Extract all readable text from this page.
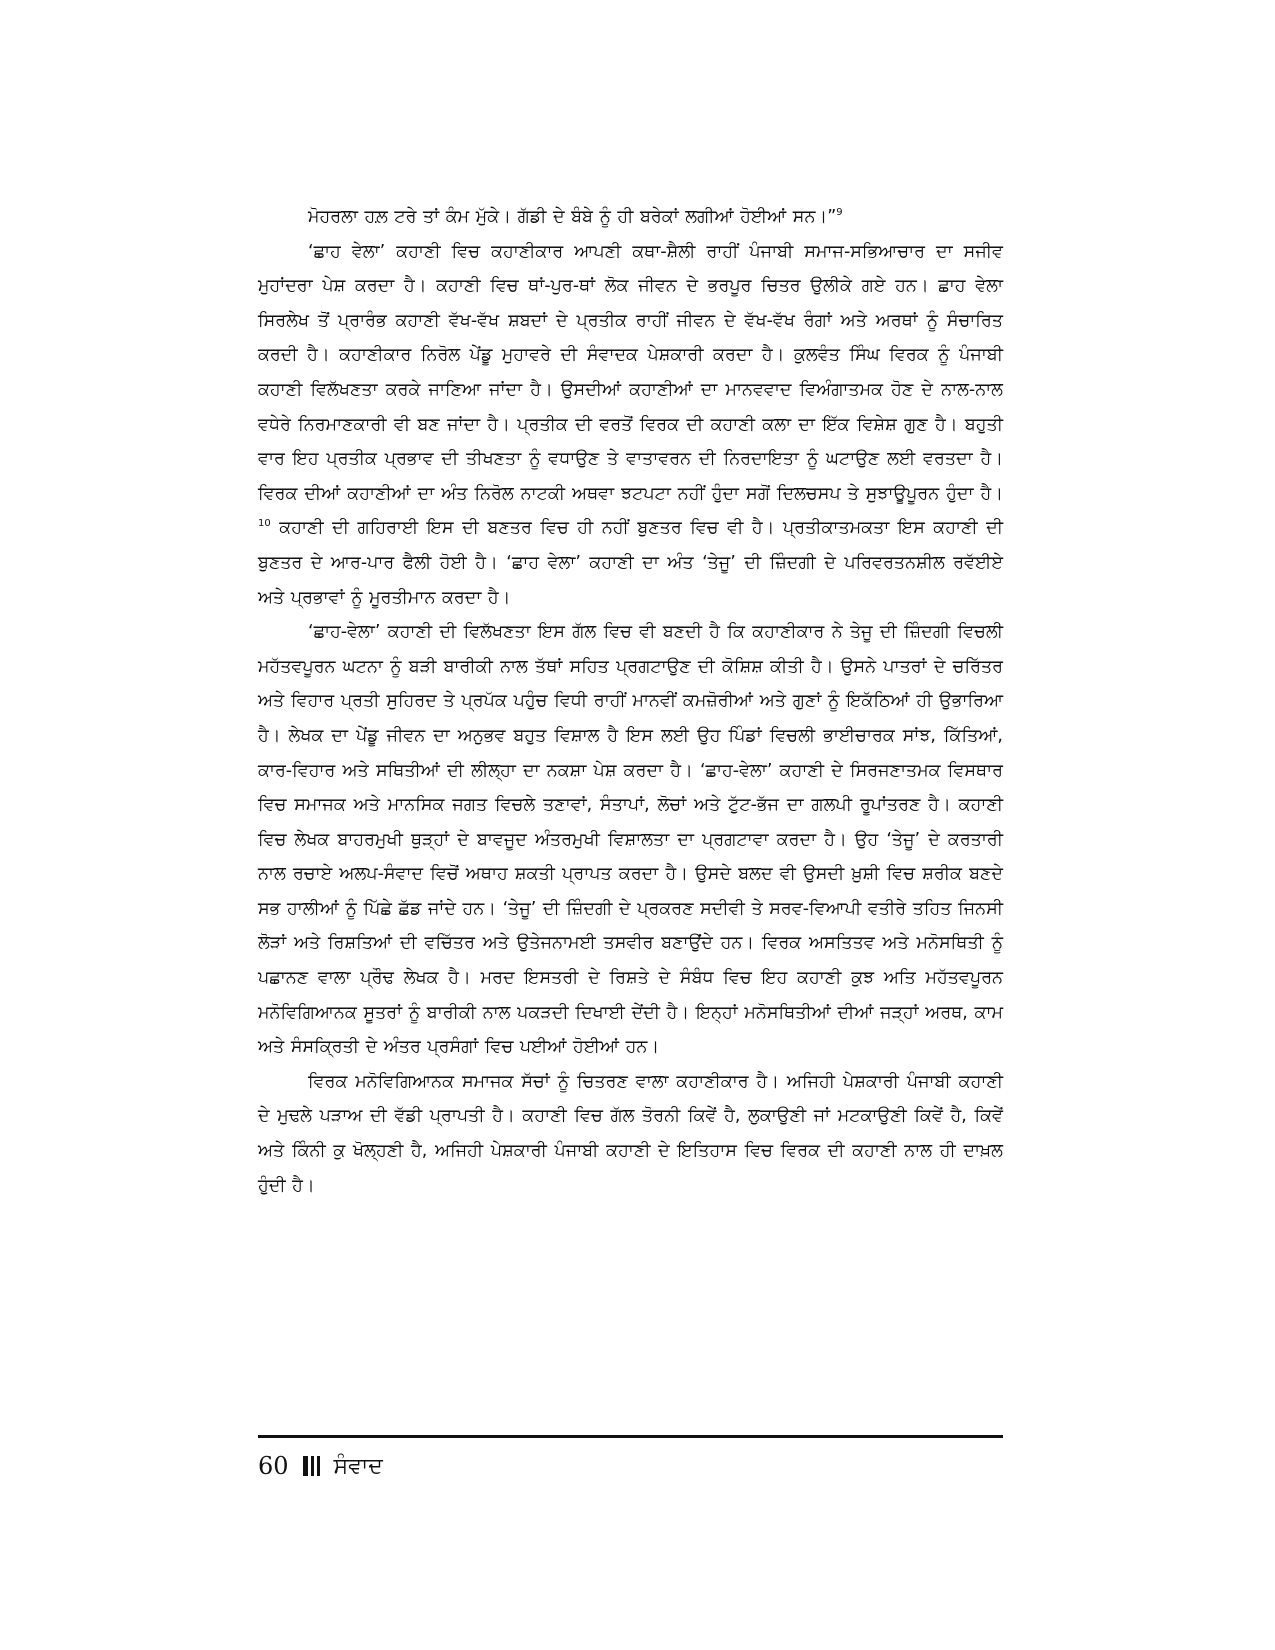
ਮੋਹਰਲਾ ਹਲ਼ ਟਰੇ ਤਾਂ ਕੰਮ ਮੁੱਕੇ। ਗੱਡੀ ਦੇ ਬੰਬੇ ਨੂੰ ਹੀ ਬਰੇਕਾਂ ਲਗੀਆਂ ਹੋਈਆਂ ਸਨ।”$^9$

‘ਛਾਹ ਵੇਲਾ’ ਕਹਾਣੀ ਵਿਚ ਕਹਾਣੀਕਾਰ ਆਪਣੀ ਕਥਾ-ਸ਼ੈਲੀ ਰਾਹੀਂ ਪੰਜਾਬੀ ਸਮਾਜ-ਸਭਿਆਚਾਰ ਦਾ ਸਜੀਵ ਮੁਹਾਂਦਰਾ ਪੇਸ਼ ਕਰਦਾ ਹੈ। ਕਹਾਣੀ ਵਿਚ ਥਾਂ-ਪੁਰ-ਥਾਂ ਲੋਕ ਜੀਵਨ ਦੇ ਭਰਪੂਰ ਚਿਤਰ ਉਲੀਕੇ ਗਏ ਹਨ। ਛਾਹ ਵੇਲਾ ਸਿਰਲੇਖ ਤੋਂ ਪ੍ਰਾਰੰਭ ਕਹਾਣੀ ਵੱਖ-ਵੱਖ ਸ਼ਬਦਾਂ ਦੇ ਪ੍ਰਤੀਕ ਰਾਹੀਂ ਜੀਵਨ ਦੇ ਵੱਖ-ਵੱਖ ਰੰਗਾਂ ਅਤੇ ਅਰਥਾਂ ਨੂੰ ਸੰਚਾਰਿਤ ਕਰਦੀ ਹੈ। ਕਹਾਣੀਕਾਰ ਨਿਰੋਲ ਪੇਂਡੂ ਮੁਹਾਵਰੇ ਦੀ ਸੰਵਾਦਕ ਪੇਸ਼ਕਾਰੀ ਕਰਦਾ ਹੈ। ਕੁਲਵੰਤ ਸਿੰਘ ਵਿਰਕ ਨੂੰ ਪੰਜਾਬੀ ਕਹਾਣੀ ਵਿਲੱਖਣਤਾ ਕਰਕੇ ਜਾਣਿਆ ਜਾਂਦਾ ਹੈ। ਉਸਦੀਆਂ ਕਹਾਣੀਆਂ ਦਾ ਮਾਨਵਵਾਦ ਵਿਅੰਗਾਤਮਕ ਹੋਣ ਦੇ ਨਾਲ-ਨਾਲ ਵਧੇਰੇ ਨਿਰਮਾਣਕਾਰੀ ਵੀ ਬਣ ਜਾਂਦਾ ਹੈ। ਪ੍ਰਤੀਕ ਦੀ ਵਰਤੋਂ ਵਿਰਕ ਦੀ ਕਹਾਣੀ ਕਲਾ ਦਾ ਇੱਕ ਵਿਸ਼ੇਸ਼ ਗੁਣ ਹੈ। ਬਹੁਤੀ ਵਾਰ ਇਹ ਪ੍ਰਤੀਕ ਪ੍ਰਭਾਵ ਦੀ ਤੀਖਣਤਾ ਨੂੰ ਵਧਾਉਣ ਤੇ ਵਾਤਾਵਰਨ ਦੀ ਨਿਰਦਾਇਤਾ ਨੂੰ ਘਟਾਉਣ ਲਈ ਵਰਤਦਾ ਹੈ। ਵਿਰਕ ਦੀਆਂ ਕਹਾਣੀਆਂ ਦਾ ਅੰਤ ਨਿਰੋਲ ਨਾਟਕੀ ਅਥਵਾ ਝਟਪਟਾ ਨਹੀਂ ਹੁੰਦਾ ਸਗੋਂ ਦਿਲਚਸਪ ਤੇ ਸੁਝਾਊਪੂਰਨ ਹੁੰਦਾ ਹੈ।$^{10}$ ਕਹਾਣੀ ਦੀ ਗਹਿਰਾਈ ਇਸ ਦੀ ਬਣਤਰ ਵਿਚ ਹੀ ਨਹੀਂ ਬੁਣਤਰ ਵਿਚ ਵੀ ਹੈ। ਪ੍ਰਤੀਕਾਤਮਕਤਾ ਇਸ ਕਹਾਣੀ ਦੀ ਬੁਣਤਰ ਦੇ ਆਰ-ਪਾਰ ਫੈਲੀ ਹੋਈ ਹੈ। ‘ਛਾਹ ਵੇਲਾ’ ਕਹਾਣੀ ਦਾ ਅੰਤ ‘ਤੇਜੂ’ ਦੀ ਜ਼ਿੰਦਗੀ ਦੇ ਪਰਿਵਰਤਨਸ਼ੀਲ ਰਵੱਈਏ ਅਤੇ ਪ੍ਰਭਾਵਾਂ ਨੂੰ ਮੂਰਤੀਮਾਨ ਕਰਦਾ ਹੈ।

‘ਛਾਹ-ਵੇਲਾ’ ਕਹਾਣੀ ਦੀ ਵਿਲੱਖਣਤਾ ਇਸ ਗੱਲ ਵਿਚ ਵੀ ਬਣਦੀ ਹੈ ਕਿ ਕਹਾਣੀਕਾਰ ਨੇ ਤੇਜੂ ਦੀ ਜ਼ਿੰਦਗੀ ਵਿਚਲੀ ਮਹੱਤਵਪੂਰਨ ਘਟਨਾ ਨੂੰ ਬੜੀ ਬਾਰੀਕੀ ਨਾਲ ਤੱਥਾਂ ਸਹਿਤ ਪ੍ਰਗਟਾਉਣ ਦੀ ਕੋਸ਼ਿਸ਼ ਕੀਤੀ ਹੈ। ਉਸਨੇ ਪਾਤਰਾਂ ਦੇ ਚਰਿੱਤਰ ਅਤੇ ਵਿਹਾਰ ਪ੍ਰਤੀ ਸੁਹਿਰਦ ਤੇ ਪ੍ਰਪੱਕ ਪਹੁੰਚ ਵਿਧੀ ਰਾਹੀਂ ਮਾਨਵੀਂ ਕਮਜ਼ੋਰੀਆਂ ਅਤੇ ਗੁਣਾਂ ਨੂੰ ਇਕੱਠਿਆਂ ਹੀ ਉਭਾਰਿਆ ਹੈ। ਲੇਖਕ ਦਾ ਪੇਂਡੂ ਜੀਵਨ ਦਾ ਅਨੁਭਵ ਬਹੁਤ ਵਿਸ਼ਾਲ ਹੈ ਇਸ ਲਈ ਉਹ ਪਿੰਡਾਂ ਵਿਚਲੀ ਭਾਈਚਾਰਕ ਸਾਂਝ, ਕਿੱਤਿਆਂ, ਕਾਰ-ਵਿਹਾਰ ਅਤੇ ਸਥਿਤੀਆਂ ਦੀ ਲੀਲ੍ਹਾ ਦਾ ਨਕਸ਼ਾ ਪੇਸ਼ ਕਰਦਾ ਹੈ। ‘ਛਾਹ-ਵੇਲਾ’ ਕਹਾਣੀ ਦੇ ਸਿਰਜਣਾਤਮਕ ਵਿਸਥਾਰ ਵਿਚ ਸਮਾਜਕ ਅਤੇ ਮਾਨਸਿਕ ਜਗਤ ਵਿਚਲੇ ਤਣਾਵਾਂ, ਸੰਤਾਪਾਂ, ਲੋਚਾਂ ਅਤੇ ਟੁੱਟ-ਭੱਜ ਦਾ ਗਲਪੀ ਰੂਪਾਂਤਰਣ ਹੈ। ਕਹਾਣੀ ਵਿਚ ਲੇਖਕ ਬਾਹਰਮੁਖੀ ਥੁੜ੍ਹਾਂ ਦੇ ਬਾਵਜੂਦ ਅੰਤਰਮੁਖੀ ਵਿਸ਼ਾਲਤਾ ਦਾ ਪ੍ਰਗਟਾਵਾ ਕਰਦਾ ਹੈ। ਉਹ ‘ਤੇਜੂ’ ਦੇ ਕਰਤਾਰੀ ਨਾਲ ਰਚਾਏ ਅਲਪ-ਸੰਵਾਦ ਵਿਚੋਂ ਅਥਾਹ ਸ਼ਕਤੀ ਪ੍ਰਾਪਤ ਕਰਦਾ ਹੈ। ਉਸਦੇ ਬਲਦ ਵੀ ਉਸਦੀ ਖ਼ੁਸ਼ੀ ਵਿਚ ਸ਼ਰੀਕ ਬਣਦੇ ਸਭ ਹਾਲੀਆਂ ਨੂੰ ਪਿੱਛੇ ਛੱਡ ਜਾਂਦੇ ਹਨ। ‘ਤੇਜੂ’ ਦੀ ਜ਼ਿੰਦਗੀ ਦੇ ਪ੍ਰਕਰਣ ਸਦੀਵੀ ਤੇ ਸਰਵ-ਵਿਆਪੀ ਵਤੀਰੇ ਤਹਿਤ ਜਿਨਸੀ ਲੋੜਾਂ ਅਤੇ ਰਿਸ਼ਤਿਆਂ ਦੀ ਵਚਿੱਤਰ ਅਤੇ ਉਤੇਜਨਾਮਈ ਤਸਵੀਰ ਬਣਾਉਂਦੇ ਹਨ। ਵਿਰਕ ਅਸਤਿਤਵ ਅਤੇ ਮਨੋਸਥਿਤੀ ਨੂੰ ਪਛਾਨਣ ਵਾਲਾ ਪ੍ਰੌਢ ਲੇਖਕ ਹੈ। ਮਰਦ ਇਸਤਰੀ ਦੇ ਰਿਸ਼ਤੇ ਦੇ ਸੰਬੰਧ ਵਿਚ ਇਹ ਕਹਾਣੀ ਕੁਝ ਅਤਿ ਮਹੱਤਵਪੂਰਨ ਮਨੋਵਿਗਿਆਨਕ ਸੂਤਰਾਂ ਨੂੰ ਬਾਰੀਕੀ ਨਾਲ ਪਕੜਦੀ ਦਿਖਾਈ ਦੇਂਦੀ ਹੈ। ਇਨ੍ਹਾਂ ਮਨੋਸਥਿਤੀਆਂ ਦੀਆਂ ਜੜ੍ਹਾਂ ਅਰਥ, ਕਾਮ ਅਤੇ ਸੰਸਕ੍ਰਿਤੀ ਦੇ ਅੰਤਰ ਪ੍ਰਸੰਗਾਂ ਵਿਚ ਪਈਆਂ ਹੋਈਆਂ ਹਨ।

ਵਿਰਕ ਮਨੋਵਿਗਿਆਨਕ ਸਮਾਜਕ ਸੱਚਾਂ ਨੂੰ ਚਿਤਰਣ ਵਾਲਾ ਕਹਾਣੀਕਾਰ ਹੈ। ਅਜਿਹੀ ਪੇਸ਼ਕਾਰੀ ਪੰਜਾਬੀ ਕਹਾਣੀ ਦੇ ਮੁਢਲੇ ਪੜਾਅ ਦੀ ਵੱਡੀ ਪ੍ਰਾਪਤੀ ਹੈ। ਕਹਾਣੀ ਵਿਚ ਗੱਲ ਤੋਰਨੀ ਕਿਵੇਂ ਹੈ, ਲੁਕਾਉਣੀ ਜਾਂ ਮਟਕਾਉਣੀ ਕਿਵੇਂ ਹੈ, ਕਿਵੇਂ ਅਤੇ ਕਿੰਨੀ ਕੁ ਖੋਲ੍ਹਣੀ ਹੈ, ਅਜਿਹੀ ਪੇਸ਼ਕਾਰੀ ਪੰਜਾਬੀ ਕਹਾਣੀ ਦੇ ਇਤਿਹਾਸ ਵਿਚ ਵਿਰਕ ਦੀ ਕਹਾਣੀ ਨਾਲ ਹੀ ਦਾਖ਼ਲ ਹੁੰਦੀ ਹੈ।

60 ਸੰਵਾਦ
